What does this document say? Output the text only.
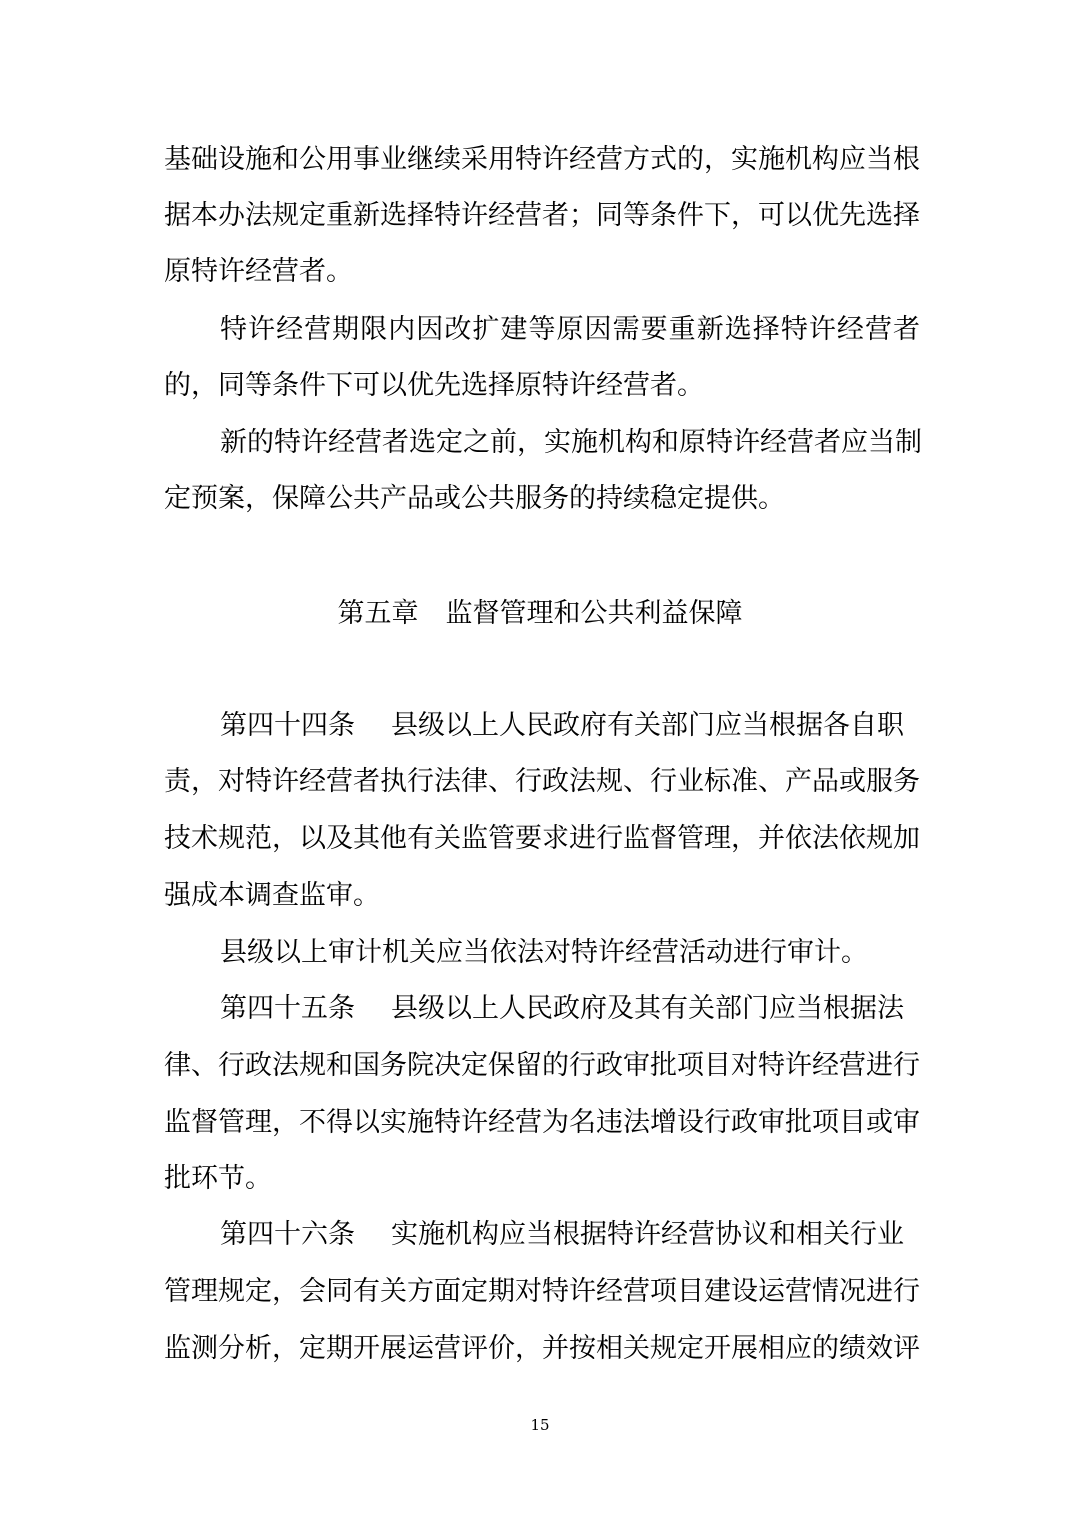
基础设施和公用事业继续采用特许经营方式的，实施机构应当根
据本办法规定重新选择特许经营者；同等条件下，可以优先选择
原特许经营者。
特许经营期限内因改扩建等原因需要重新选择特许经营者
的，同等条件下可以优先选择原特许经营者。
新的特许经营者选定之前，实施机构和原特许经营者应当制
定预案，保障公共产品或公共服务的持续稳定提供。
第五章　监督管理和公共利益保障
第四十四条 县级以上人民政府有关部门应当根据各自职
责，对特许经营者执行法律、行政法规、行业标准、产品或服务
技术规范，以及其他有关监管要求进行监督管理，并依法依规加
强成本调查监审。
县级以上审计机关应当依法对特许经营活动进行审计。
第四十五条 县级以上人民政府及其有关部门应当根据法
律、行政法规和国务院决定保留的行政审批项目对特许经营进行
监督管理，不得以实施特许经营为名违法增设行政审批项目或审
批环节。
第四十六条 实施机构应当根据特许经营协议和相关行业
管理规定，会同有关方面定期对特许经营项目建设运营情况进行
监测分析，定期开展运营评价，并按相关规定开展相应的绩效评
15
